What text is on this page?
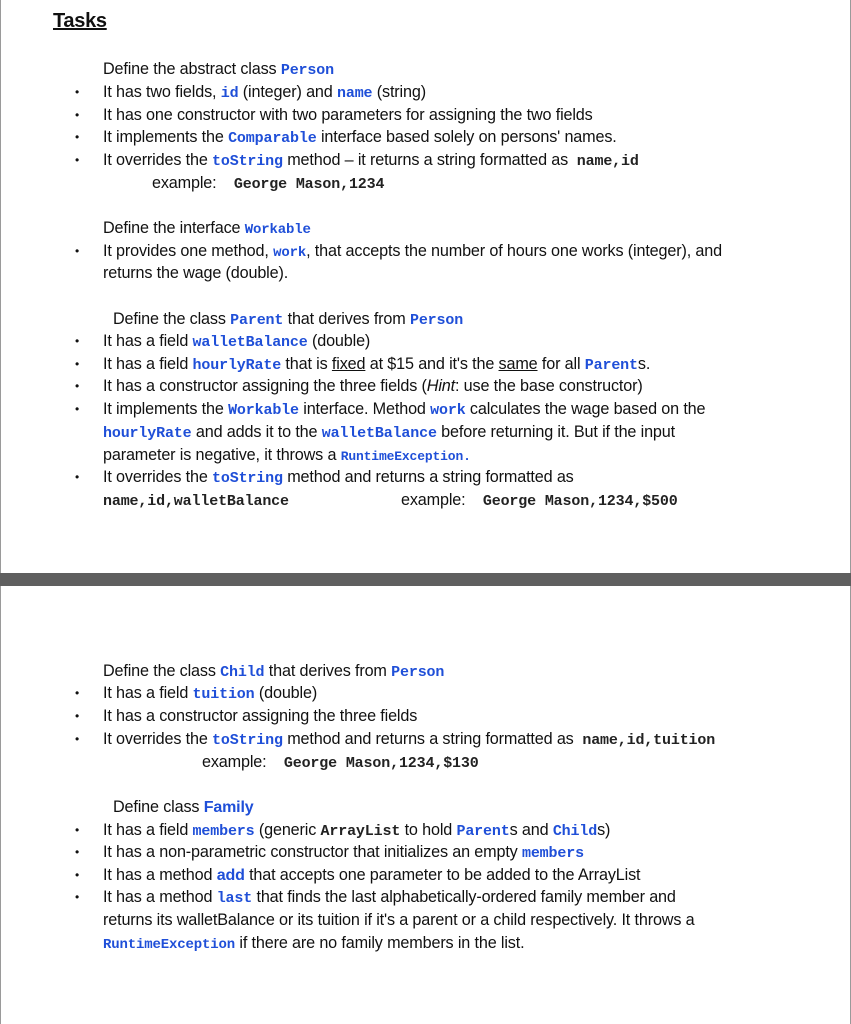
Tasks
Define the abstract class Person
• It has two fields, id (integer) and name (string)
• It has one constructor with two parameters for assigning the two fields
• It implements the Comparable interface based solely on persons' names.
• It overrides the toString method – it returns a string formatted as name,id
example: George Mason,1234
Define the interface Workable
• It provides one method, work, that accepts the number of hours one works (integer), and
returns the wage (double).
Define the class Parent that derives from Person
• It has a field walletBalance (double)
• It has a field hourlyRate that is fixed at $15 and it's the same for all Parents.
• It has a constructor assigning the three fields (Hint: use the base constructor)
• It implements the Workable interface. Method work calculates the wage based on the
hourlyRate and adds it to the walletBalance before returning it. But if the input
parameter is negative, it throws a RuntimeException.
• It overrides the toString method and returns a string formatted as
name,id,walletBalance	example: George Mason,1234,$500
Define the class Child that derives from Person
• It has a field tuition (double)
• It has a constructor assigning the three fields
• It overrides the toString method and returns a string formatted as name,id,tuition
example: George Mason,1234,$130
Define class Family
• It has a field members (generic ArrayList to hold Parents and Childs)
• It has a non-parametric constructor that initializes an empty members
• It has a method add that accepts one parameter to be added to the ArrayList
• It has a method last that finds the last alphabetically-ordered family member and
returns its walletBalance or its tuition if it's a parent or a child respectively. It throws a
RuntimeException if there are no family members in the list.
